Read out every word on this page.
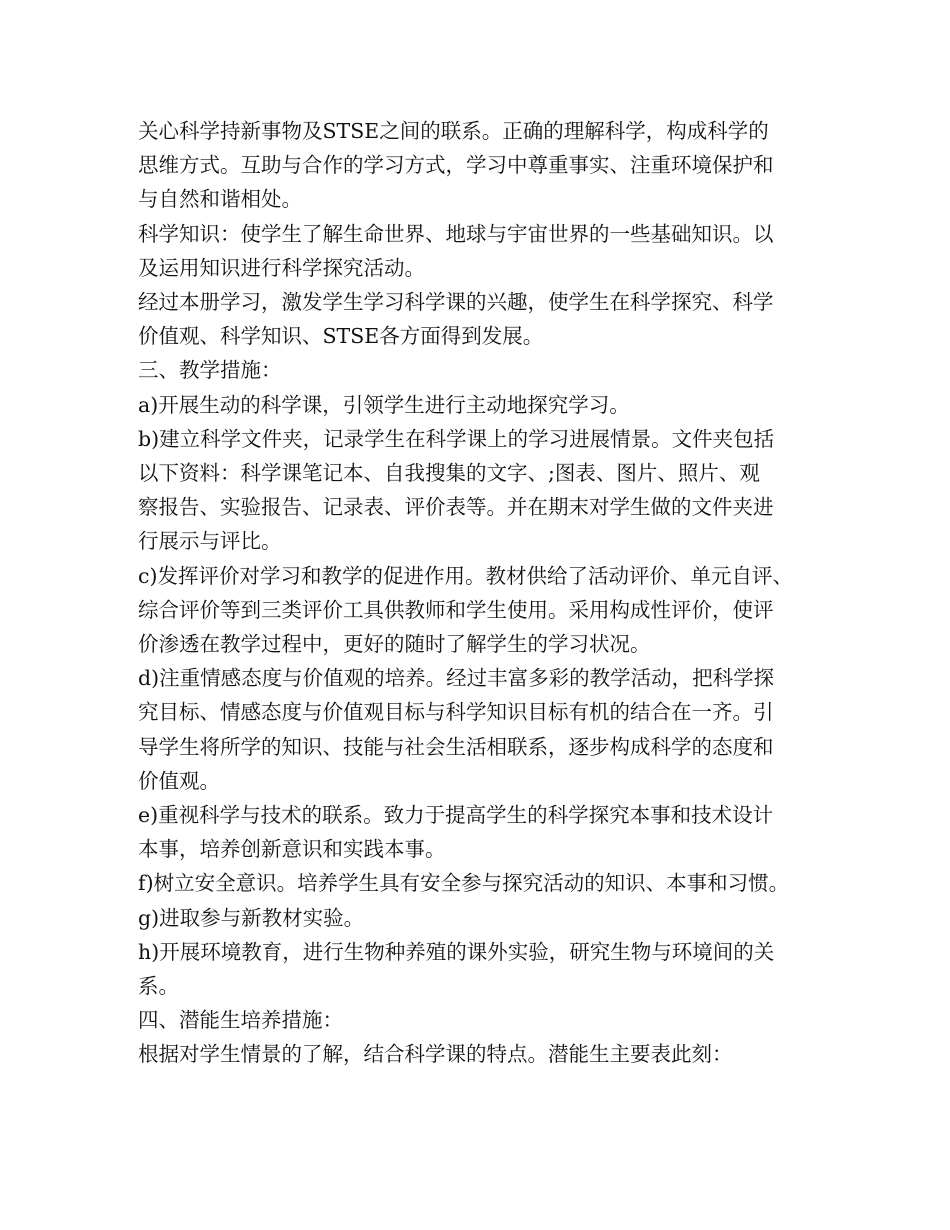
关心科学持新事物及STSE之间的联系。正确的理解科学，构成科学的

思维方式。互助与合作的学习方式，学习中尊重事实、注重环境保护和

与自然和谐相处。

科学知识：使学生了解生命世界、地球与宇宙世界的一些基础知识。以

及运用知识进行科学探究活动。

经过本册学习，激发学生学习科学课的兴趣，使学生在科学探究、科学

价值观、科学知识、STSE各方面得到发展。

三、教学措施：

a)开展生动的科学课，引领学生进行主动地探究学习。

b)建立科学文件夹，记录学生在科学课上的学习进展情景。文件夹包括

以下资料：科学课笔记本、自我搜集的文字、;图表、图片、照片、观

察报告、实验报告、记录表、评价表等。并在期末对学生做的文件夹进

行展示与评比。

c)发挥评价对学习和教学的促进作用。教材供给了活动评价、单元自评、

综合评价等到三类评价工具供教师和学生使用。采用构成性评价，使评

价渗透在教学过程中，更好的随时了解学生的学习状况。

d)注重情感态度与价值观的培养。经过丰富多彩的教学活动，把科学探

究目标、情感态度与价值观目标与科学知识目标有机的结合在一齐。引

导学生将所学的知识、技能与社会生活相联系，逐步构成科学的态度和

价值观。

e)重视科学与技术的联系。致力于提高学生的科学探究本事和技术设计

本事，培养创新意识和实践本事。

f)树立安全意识。培养学生具有安全参与探究活动的知识、本事和习惯。

g)进取参与新教材实验。

h)开展环境教育，进行生物种养殖的课外实验，研究生物与环境间的关

系。

四、潜能生培养措施：

根据对学生情景的了解，结合科学课的特点。潜能生主要表此刻：
